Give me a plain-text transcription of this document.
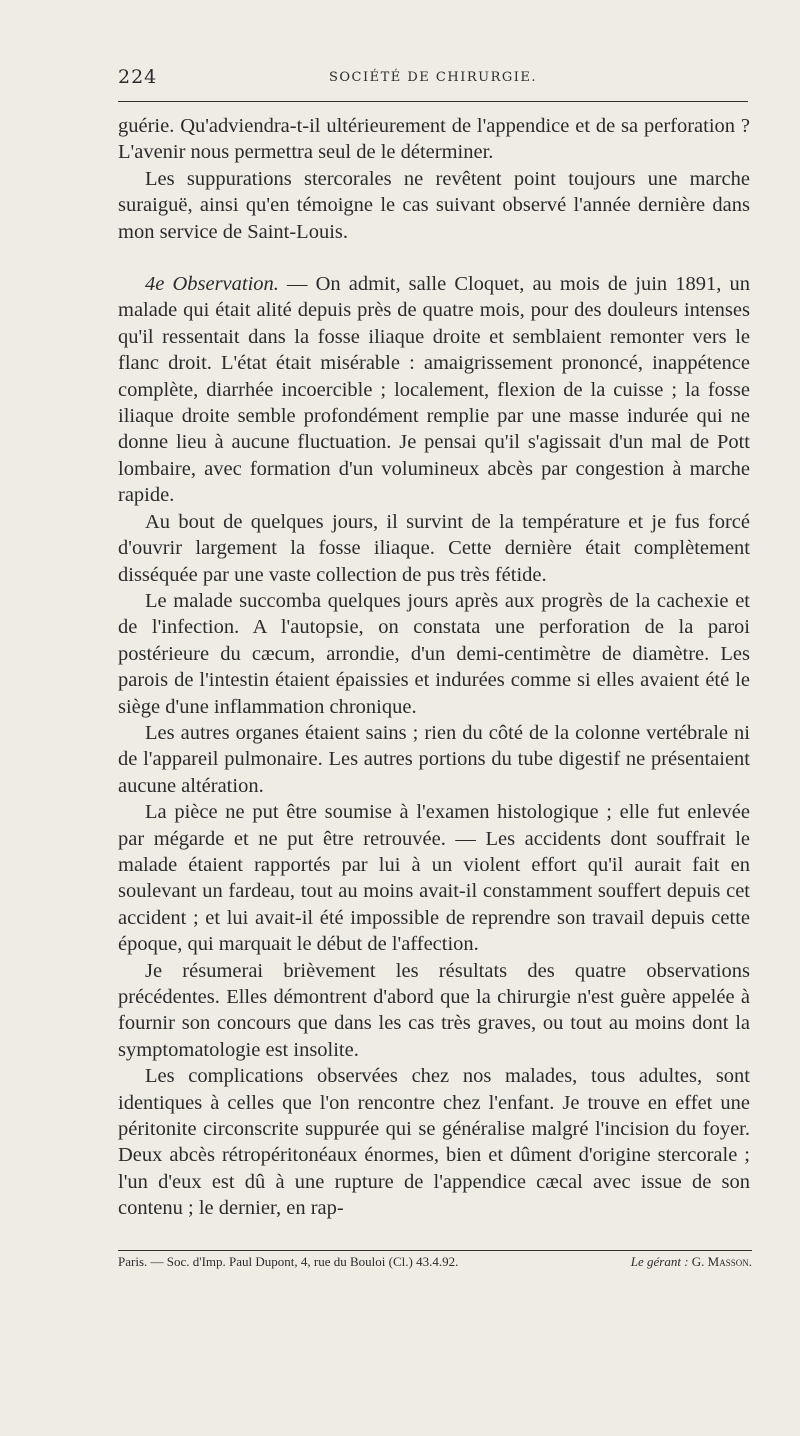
224	SOCIÉTÉ DE CHIRURGIE.

guérie. Qu'adviendra-t-il ultérieurement de l'appendice et de sa perforation ? L'avenir nous permettra seul de le déterminer.

Les suppurations stercorales ne revêtent point toujours une marche suraiguë, ainsi qu'en témoigne le cas suivant observé l'année dernière dans mon service de Saint-Louis.

4e Observation. — On admit, salle Cloquet, au mois de juin 1891, un malade qui était alité depuis près de quatre mois, pour des douleurs intenses qu'il ressentait dans la fosse iliaque droite et semblaient remonter vers le flanc droit. L'état était misérable : amaigrissement prononcé, inappétence complète, diarrhée incoercible ; localement, flexion de la cuisse ; la fosse iliaque droite semble profondément remplie par une masse indurée qui ne donne lieu à aucune fluctuation. Je pensai qu'il s'agissait d'un mal de Pott lombaire, avec formation d'un volumineux abcès par congestion à marche rapide.

Au bout de quelques jours, il survint de la température et je fus forcé d'ouvrir largement la fosse iliaque. Cette dernière était complètement disséquée par une vaste collection de pus très fétide.

Le malade succomba quelques jours après aux progrès de la cachexie et de l'infection. A l'autopsie, on constata une perforation de la paroi postérieure du cæcum, arrondie, d'un demi-centimètre de diamètre. Les parois de l'intestin étaient épaissies et indurées comme si elles avaient été le siège d'une inflammation chronique.

Les autres organes étaient sains ; rien du côté de la colonne vertébrale ni de l'appareil pulmonaire. Les autres portions du tube digestif ne présentaient aucune altération.

La pièce ne put être soumise à l'examen histologique ; elle fut enlevée par mégarde et ne put être retrouvée. — Les accidents dont souffrait le malade étaient rapportés par lui à un violent effort qu'il aurait fait en soulevant un fardeau, tout au moins avait-il constamment souffert depuis cet accident ; et lui avait-il été impossible de reprendre son travail depuis cette époque, qui marquait le début de l'affection.

Je résumerai brièvement les résultats des quatre observations précédentes. Elles démontrent d'abord que la chirurgie n'est guère appelée à fournir son concours que dans les cas très graves, ou tout au moins dont la symptomatologie est insolite.

Les complications observées chez nos malades, tous adultes, sont identiques à celles que l'on rencontre chez l'enfant. Je trouve en effet une péritonite circonscrite suppurée qui se généralise malgré l'incision du foyer. Deux abcès rétropéritonéaux énormes, bien et dûment d'origine stercorale ; l'un d'eux est dû à une rupture de l'appendice cæcal avec issue de son contenu ; le dernier, en rap-

Paris. — Soc. d'Imp. Paul Dupont, 4, rue du Bouloi (Cl.) 43.4.92.	Le gérant : G. Masson.
